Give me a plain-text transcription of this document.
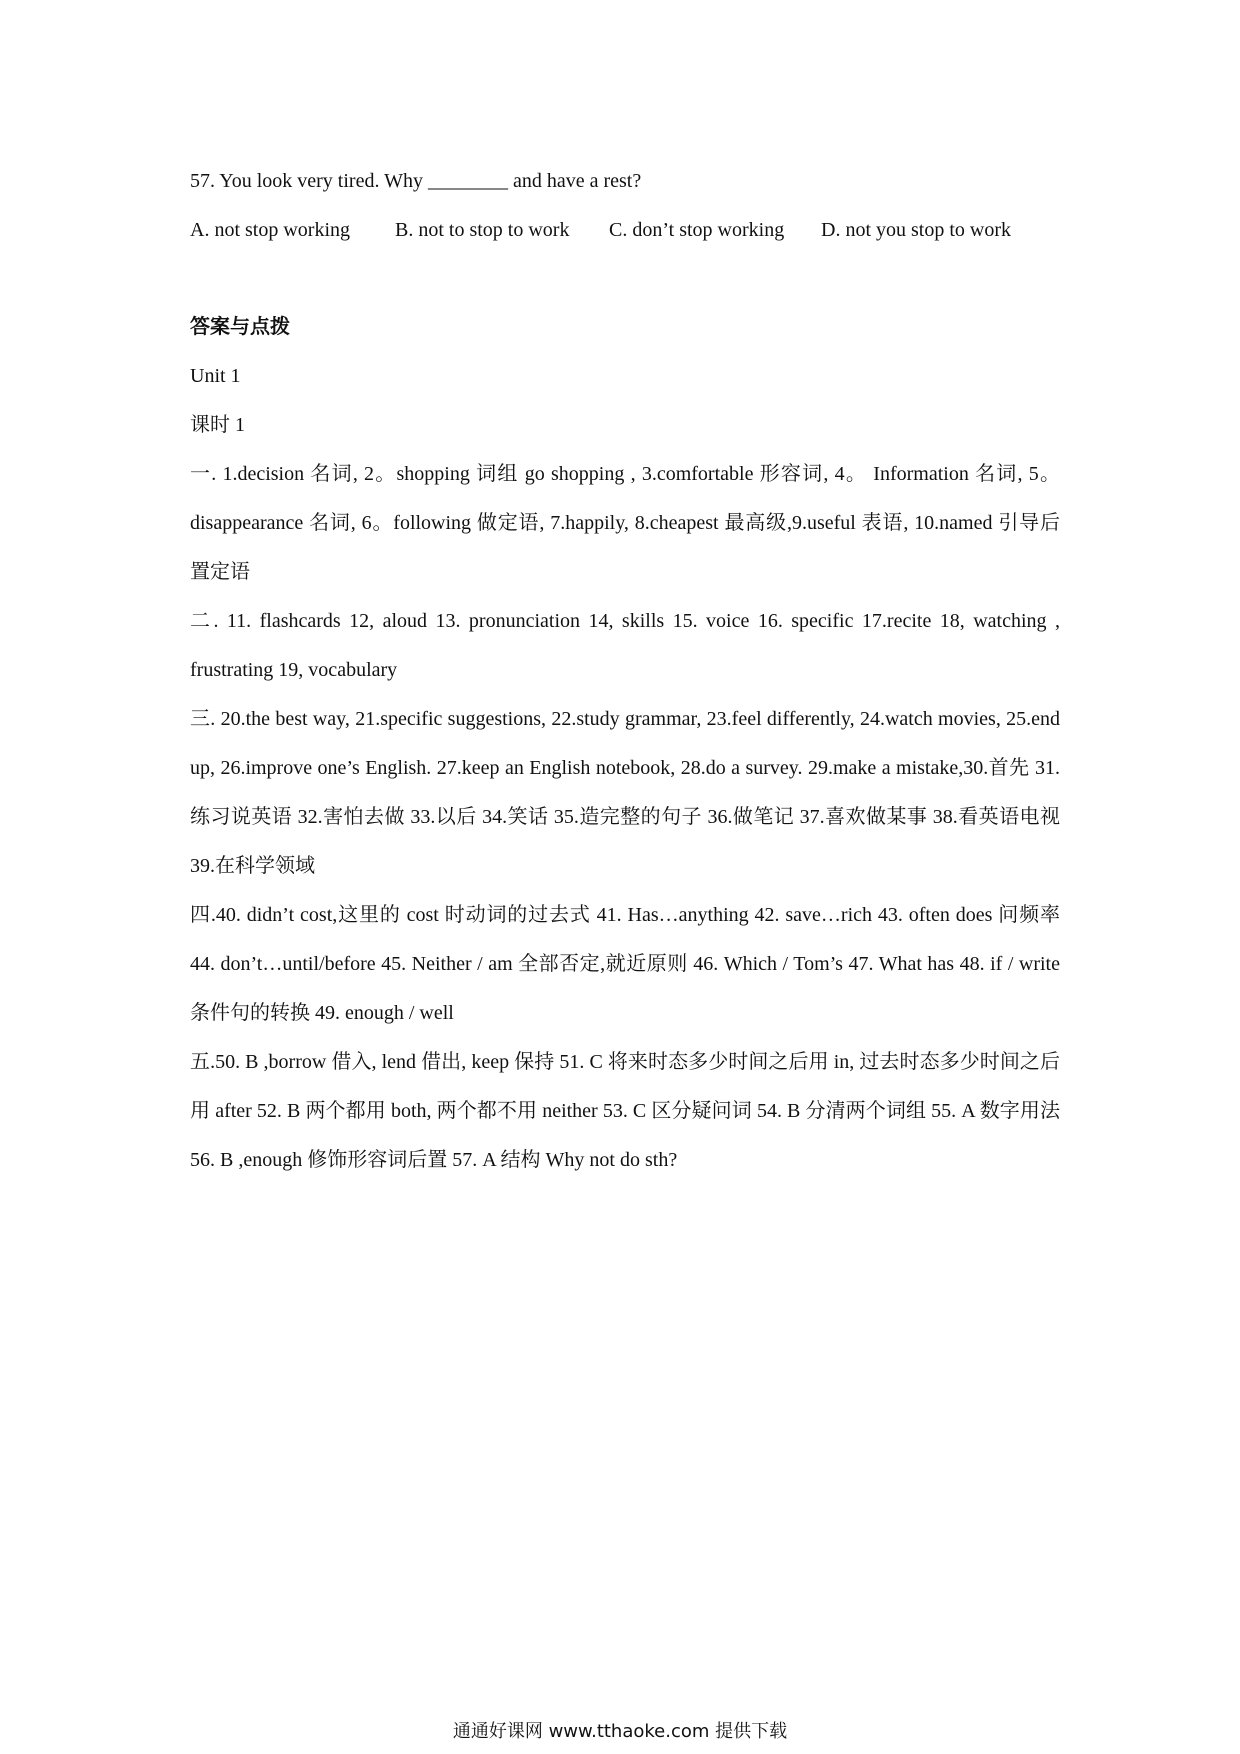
57. You look very tired. Why ________ and have a rest?

A. not stop working	B. not to stop to work	C. don’t stop working	D. not you stop to work
答案与点拨

Unit 1

课时 1

一. 1.decision 名词, 2。shopping 词组 go shopping , 3.comfortable 形容词, 4。 Information 名词, 5。disappearance 名词, 6。following 做定语, 7.happily, 8.cheapest 最高级,9.useful 表语, 10.named 引导后置定语
二. 11. flashcards 12, aloud 13. pronunciation 14, skills 15. voice 16. specific 17.recite 18, watching , frustrating 19, vocabulary
三. 20.the best way, 21.specific suggestions, 22.study grammar, 23.feel differently, 24.watch movies, 25.end up, 26.improve one’s English. 27.keep an English notebook, 28.do a survey. 29.make a mistake,30.首先 31.练习说英语 32.害怕去做 33.以后 34.笑话 35.造完整的句子 36.做笔记 37.喜欢做某事 38.看英语电视 39.在科学领域
四.40. didn’t cost,这里的 cost 时动词的过去式 41. Has…anything 42. save…rich 43. often does 问频率 44. don’t…until/before 45. Neither / am 全部否定,就近原则 46. Which / Tom’s 47. What has 48. if / write 条件句的转换 49. enough / well
五.50. B ,borrow 借入, lend 借出, keep 保持 51. C 将来时态多少时间之后用 in, 过去时态多少时间之后用 after 52. B 两个都用 both, 两个都不用 neither 53. C 区分疑问词 54. B 分清两个词组 55. A 数字用法 56. B ,enough 修饰形容词后置 57. A 结构 Why not do sth?
通通好课网 www.tthaoke.com 提供下载
